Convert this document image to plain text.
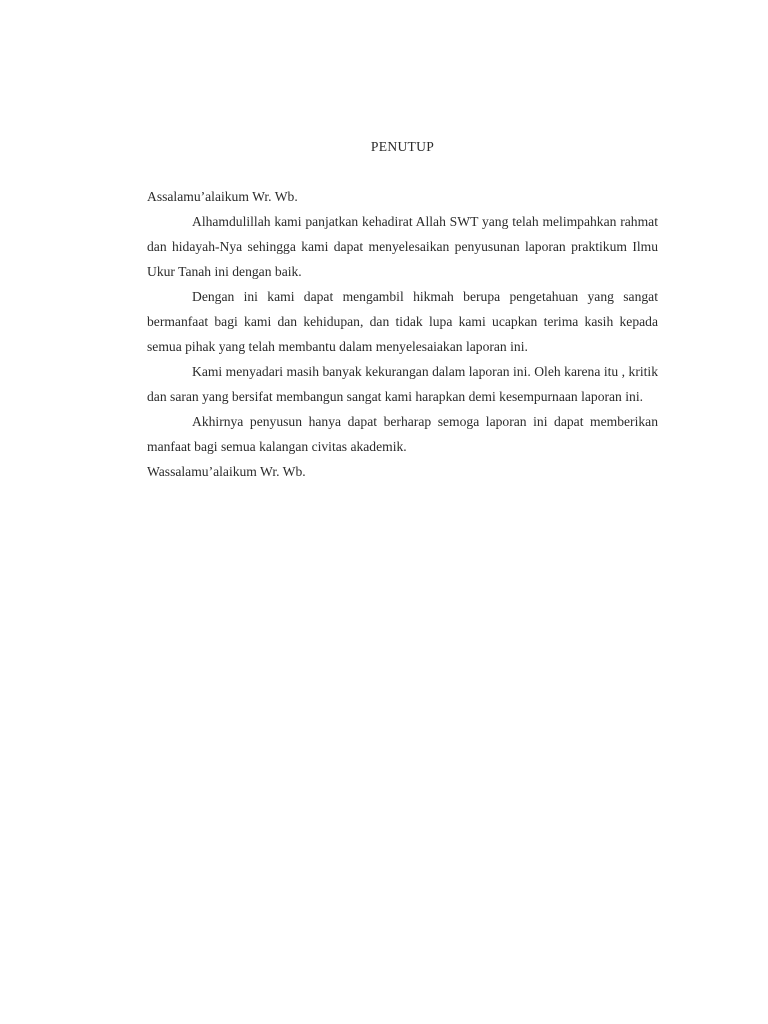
PENUTUP

Assalamu’alaikum Wr. Wb.

Alhamdulillah kami panjatkan kehadirat Allah SWT yang telah melimpahkan rahmat dan hidayah-Nya sehingga kami dapat menyelesaikan penyusunan laporan praktikum Ilmu Ukur Tanah ini dengan baik.

Dengan ini kami dapat mengambil hikmah berupa pengetahuan yang sangat bermanfaat bagi kami dan kehidupan, dan tidak lupa kami ucapkan terima kasih kepada semua pihak yang telah membantu dalam menyelesaiakan laporan ini.

Kami menyadari masih banyak kekurangan dalam laporan ini. Oleh karena itu , kritik dan saran yang bersifat membangun sangat kami harapkan demi kesempurnaan laporan ini.

Akhirnya penyusun hanya dapat berharap semoga laporan ini dapat memberikan manfaat bagi semua kalangan civitas akademik.

Wassalamu’alaikum Wr. Wb.
